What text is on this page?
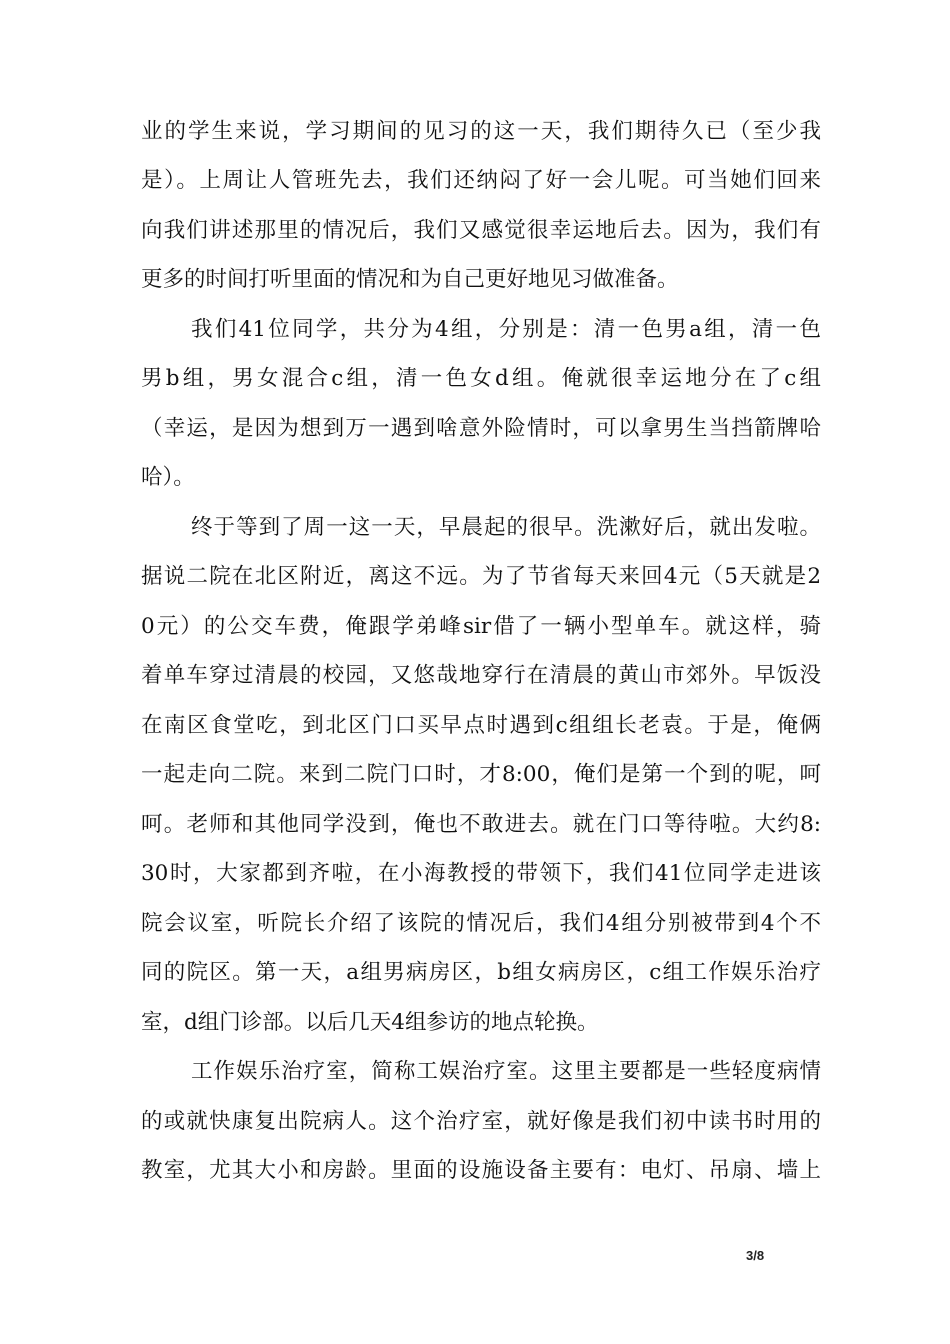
业的学生来说，学习期间的见习的这一天，我们期待久已（至少我
是）。上周让人管班先去，我们还纳闷了好一会儿呢。可当她们回来
向我们讲述那里的情况后，我们又感觉很幸运地后去。因为，我们有
更多的时间打听里面的情况和为自己更好地见习做准备。
我们41位同学，共分为4组，分别是：清一色男a组，清一色
男b组，男女混合c组，清一色女d组。俺就很幸运地分在了c组
（幸运，是因为想到万一遇到啥意外险情时，可以拿男生当挡箭牌哈
哈）。
终于等到了周一这一天，早晨起的很早。洗漱好后，就出发啦。
据说二院在北区附近，离这不远。为了节省每天来回4元（5天就是2
0元）的公交车费，俺跟学弟峰sir借了一辆小型单车。就这样，骑
着单车穿过清晨的校园，又悠哉地穿行在清晨的黄山市郊外。早饭没
在南区食堂吃，到北区门口买早点时遇到c组组长老袁。于是，俺俩
一起走向二院。来到二院门口时，才8:00，俺们是第一个到的呢，呵
呵。老师和其他同学没到，俺也不敢进去。就在门口等待啦。大约8:
30时，大家都到齐啦，在小海教授的带领下，我们41位同学走进该
院会议室，听院长介绍了该院的情况后，我们4组分别被带到4个不
同的院区。第一天，a组男病房区，b组女病房区，c组工作娱乐治疗
室，d组门诊部。以后几天4组参访的地点轮换。
工作娱乐治疗室，简称工娱治疗室。这里主要都是一些轻度病情
的或就快康复出院病人。这个治疗室，就好像是我们初中读书时用的
教室，尤其大小和房龄。里面的设施设备主要有：电灯、吊扇、墙上
3/8
